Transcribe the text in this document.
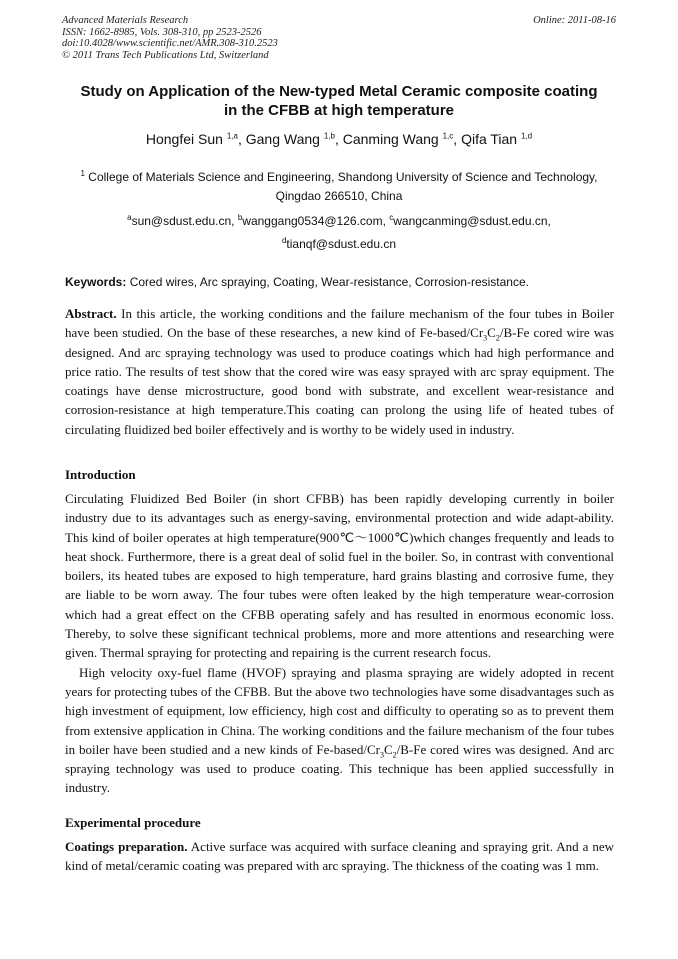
Advanced Materials Research
ISSN: 1662-8985, Vols. 308-310, pp 2523-2526
doi:10.4028/www.scientific.net/AMR.308-310.2523
© 2011 Trans Tech Publications Ltd, Switzerland
Online: 2011-08-16
Study on Application of the New-typed Metal Ceramic composite coating
in the CFBB at high temperature
Hongfei Sun $^{1,a}$, Gang Wang $^{1,b}$, Canming Wang $^{1,c}$, Qifa Tian $^{1,d}$
$^1$ College of Materials Science and Engineering, Shandong University of Science and Technology,
Qingdao 266510, China
$^a$sun@sdust.edu.cn, $^b$wanggang0534@126.com, $^c$wangcanming@sdust.edu.cn,
$^d$tianqf@sdust.edu.cn
Keywords: Cored wires, Arc spraying, Coating, Wear-resistance, Corrosion-resistance.

Abstract. In this article, the working conditions and the failure mechanism of the four tubes in Boiler have been studied. On the base of these researches, a new kind of $Fe-based/Cr_3C_2/B-Fe$ cored wire was designed. And arc spraying technology was used to produce coatings which had high performance and price ratio. The results of test show that the cored wire was easy sprayed with arc spray equipment. The coatings have dense microstructure, good bond with substrate, and excellent wear-resistance and corrosion-resistance at high temperature.This coating can prolong the using life of heated tubes of circulating fluidized bed boiler effectively and is worthy to be widely used in industry.

Introduction

Circulating Fluidized Bed Boiler (in short CFBB) has been rapidly developing currently in boiler industry due to its advantages such as energy-saving, environmental protection and wide adapt-ability. This kind of boiler operates at high temperature(900℃～1000℃)which changes frequently and leads to heat shock. Furthermore, there is a great deal of solid fuel in the boiler. So, in contrast with conventional boilers, its heated tubes are exposed to high temperature, hard grains blasting and corrosive fume, they are liable to be worn away. The four tubes were often leaked by the high temperature wear-corrosion which had a great effect on the CFBB operating safely and has resulted in enormous economic loss. Thereby, to solve these significant technical problems, more and more attentions and researching were given. Thermal spraying for protecting and repairing is the current research focus.

High velocity oxy-fuel flame (HVOF) spraying and plasma spraying are widely adopted in recent years for protecting tubes of the CFBB. But the above two technologies have some disadvantages such as high investment of equipment, low efficiency, high cost and difficulty to operating so as to prevent them from extensive application in China. The working conditions and the failure mechanism of the four tubes in boiler have been studied and a new kinds of $Fe-based/Cr_3C_2/B-Fe$ cored wires was designed. And arc spraying technology was used to produce coating. This technique has been applied successfully in industry.

Experimental procedure

Coatings preparation. Active surface was acquired with surface cleaning and spraying grit. And a new kind of metal/ceramic coating was prepared with arc spraying. The thickness of the coating was 1 mm.
